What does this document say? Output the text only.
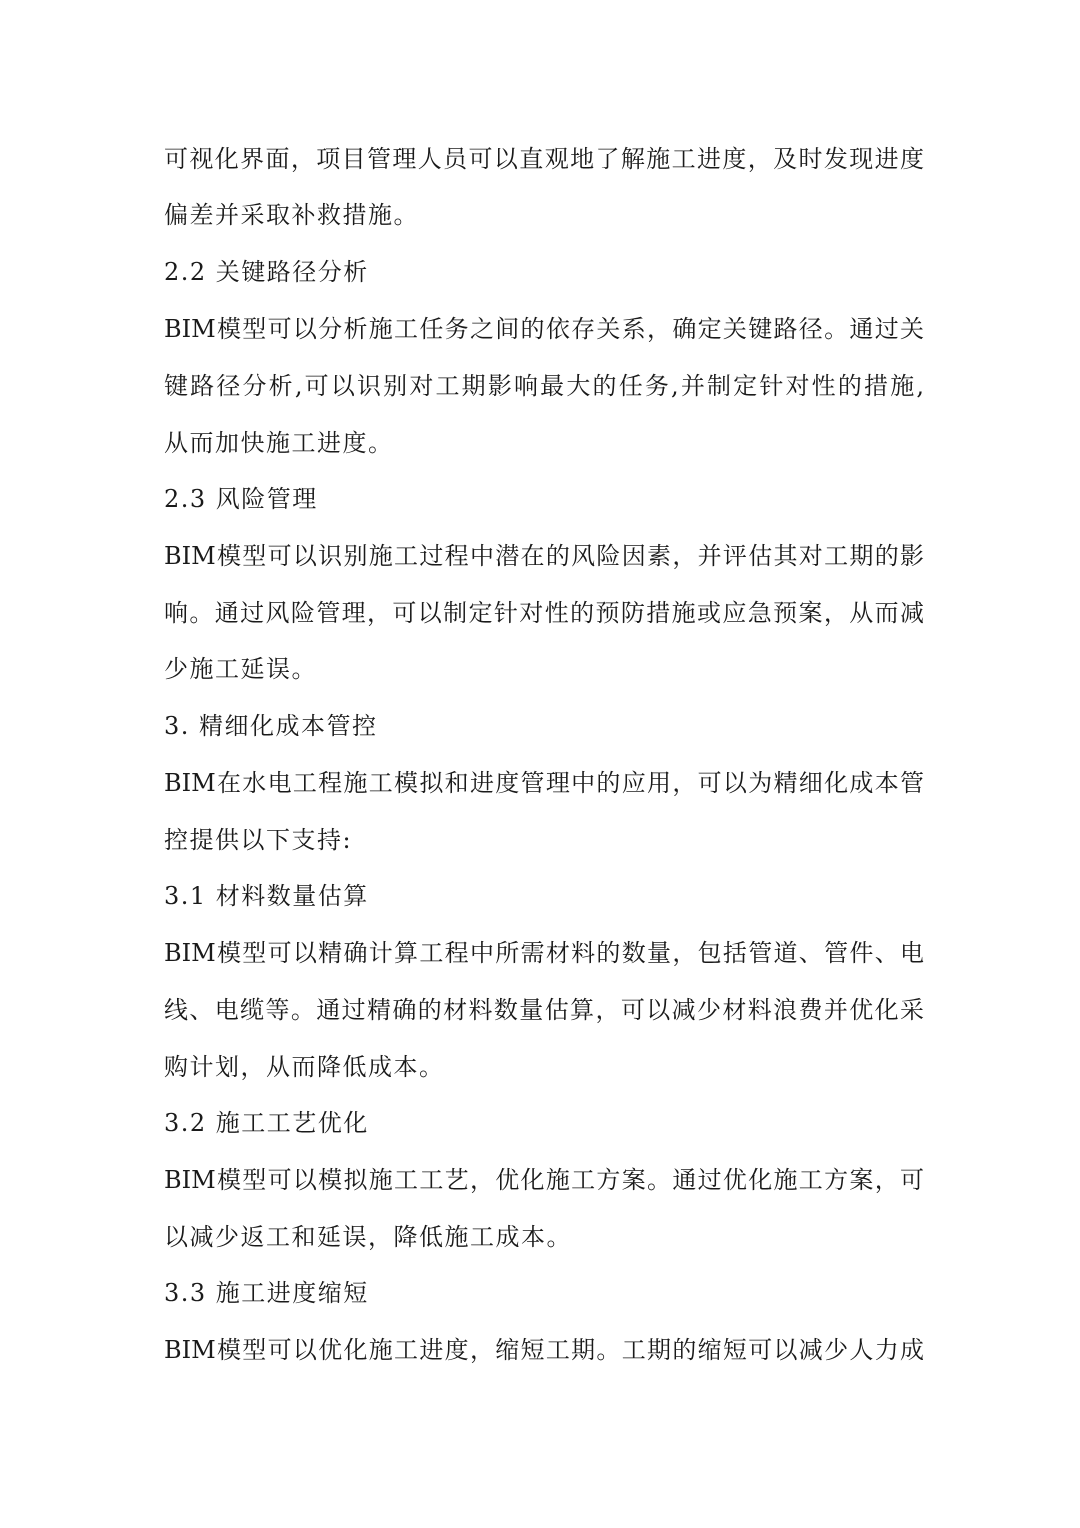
可视化界面，项目管理人员可以直观地了解施工进度，及时发现进度
偏差并采取补救措施。
2.2 关键路径分析
BIM模型可以分析施工任务之间的依存关系，确定关键路径。通过关
键路径分析,可以识别对工期影响最大的任务,并制定针对性的措施,
从而加快施工进度。
2.3 风险管理
BIM模型可以识别施工过程中潜在的风险因素，并评估其对工期的影
响。通过风险管理，可以制定针对性的预防措施或应急预案，从而减
少施工延误。
3. 精细化成本管控
BIM在水电工程施工模拟和进度管理中的应用，可以为精细化成本管
控提供以下支持:
3.1 材料数量估算
BIM模型可以精确计算工程中所需材料的数量，包括管道、管件、电
线、电缆等。通过精确的材料数量估算，可以减少材料浪费并优化采
购计划，从而降低成本。
3.2 施工工艺优化
BIM模型可以模拟施工工艺，优化施工方案。通过优化施工方案，可
以减少返工和延误，降低施工成本。
3.3 施工进度缩短
BIM模型可以优化施工进度，缩短工期。工期的缩短可以减少人力成
